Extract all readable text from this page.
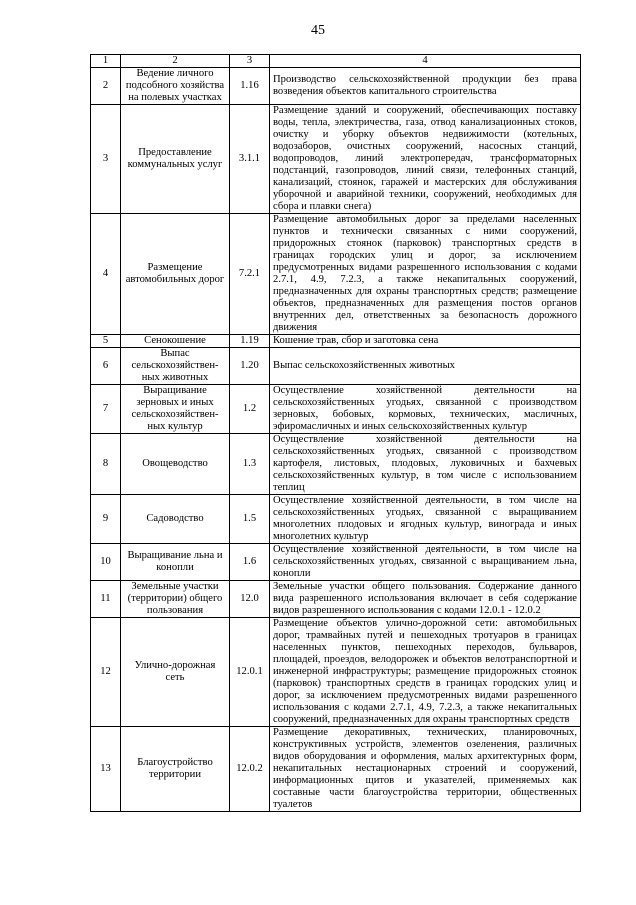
45
1	2	3	4
2	Ведение личного подсобного хозяйства на полевых участках	1.16	Производство сельскохозяйственной продукции без права возведения объектов капитального строительства
3	Предоставление коммунальных услуг	3.1.1	Размещение зданий и сооружений, обеспечивающих поставку воды, тепла, электричества, газа, отвод канализационных стоков, очистку и уборку объектов недвижимости (котельных, водозаборов, очистных сооружений, насосных станций, водопроводов, линий электропередач, трансформаторных подстанций, газопроводов, линий связи, телефонных станций, канализаций, стоянок, гаражей и мастерских для обслуживания уборочной и аварийной техники, сооружений, необходимых для сбора и плавки снега)
4	Размещение автомобильных дорог	7.2.1	Размещение автомобильных дорог за пределами населенных пунктов и технически связанных с ними сооружений, придорожных стоянок (парковок) транспортных средств в границах городских улиц и дорог, за исключением предусмотренных видами разрешенного использования с кодами 2.7.1, 4.9, 7.2.3, а также некапитальных сооружений, предназначенных для охраны транспортных средств; размещение объектов, предназначенных для размещения постов органов внутренних дел, ответственных за безопасность дорожного движения
5	Сенокошение	1.19	Кошение трав, сбор и заготовка сена
6	Выпас сельскохозяйствен-ных животных	1.20	Выпас сельскохозяйственных животных
7	Выращивание зерновых и иных сельскохозяйствен-ных культур	1.2	Осуществление хозяйственной деятельности на сельскохозяйственных угодьях, связанной с производством зерновых, бобовых, кормовых, технических, масличных, эфиромасличных и иных сельскохозяйственных культур
8	Овощеводство	1.3	Осуществление хозяйственной деятельности на сельскохозяйственных угодьях, связанной с производством картофеля, листовых, плодовых, луковичных и бахчевых сельскохозяйственных культур, в том числе с использованием теплиц
9	Садоводство	1.5	Осуществление хозяйственной деятельности, в том числе на сельскохозяйственных угодьях, связанной с выращиванием многолетних плодовых и ягодных культур, винограда и иных многолетних культур
10	Выращивание льна и конопли	1.6	Осуществление хозяйственной деятельности, в том числе на сельскохозяйственных угодьях, связанной с выращиванием льна, конопли
11	Земельные участки (территории) общего пользования	12.0	Земельные участки общего пользования. Содержание данного вида разрешенного использования включает в себя содержание видов разрешенного использования с кодами 12.0.1 - 12.0.2
12	Улично-дорожная сеть	12.0.1	Размещение объектов улично-дорожной сети: автомобильных дорог, трамвайных путей и пешеходных тротуаров в границах населенных пунктов, пешеходных переходов, бульваров, площадей, проездов, велодорожек и объектов велотранспортной и инженерной инфраструктуры; размещение придорожных стоянок (парковок) транспортных средств в границах городских улиц и дорог, за исключением предусмотренных видами разрешенного использования с кодами 2.7.1, 4.9, 7.2.3, а также некапитальных сооружений, предназначенных для охраны транспортных средств
13	Благоустройство территории	12.0.2	Размещение декоративных, технических, планировочных, конструктивных устройств, элементов озеленения, различных видов оборудования и оформления, малых архитектурных форм, некапитальных нестационарных строений и сооружений, информационных щитов и указателей, применяемых как составные части благоустройства территории, общественных туалетов
